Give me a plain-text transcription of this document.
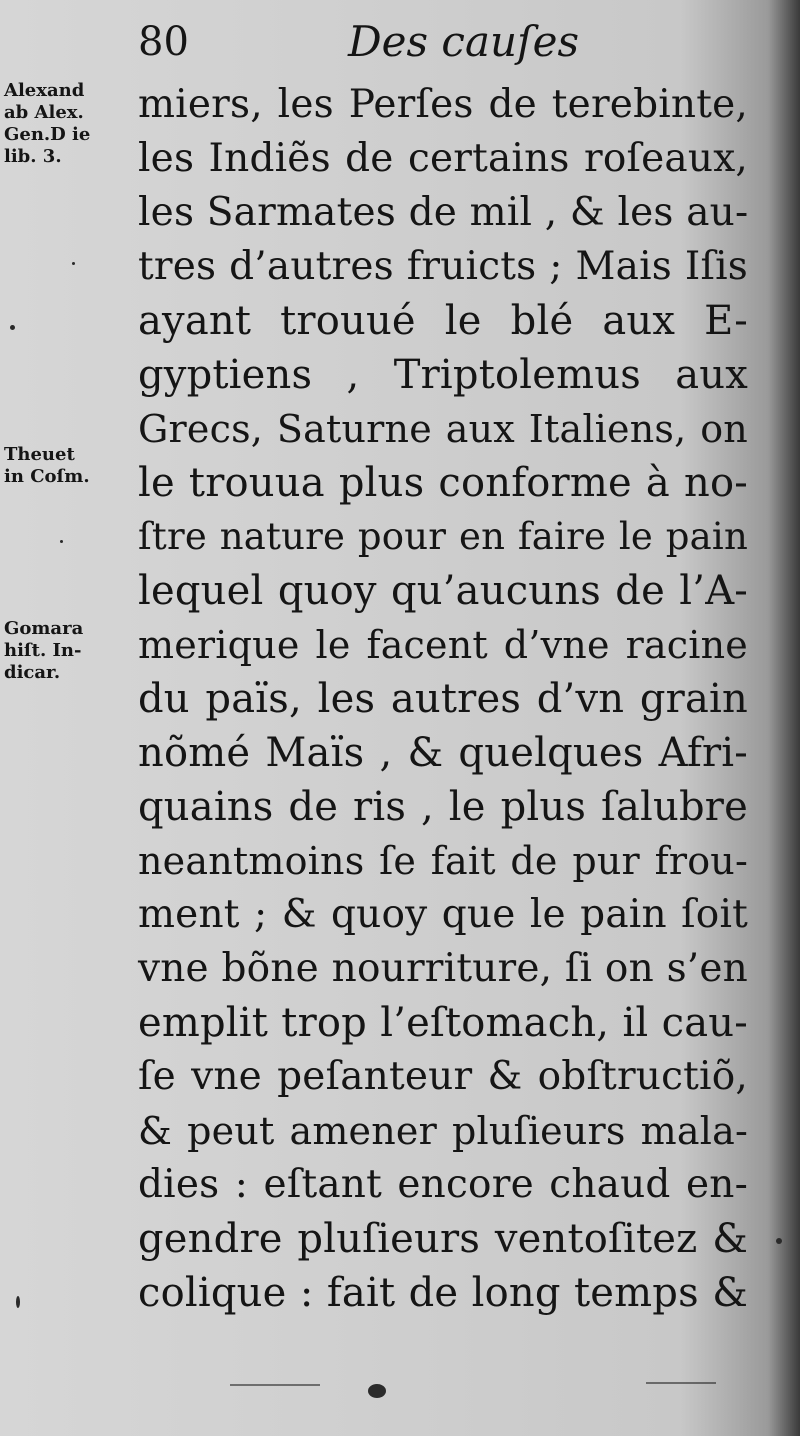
80	Des cauſes
Alexand
ab Alex.
Gen.D ie
lib. 3.
Theuet
in Coſm.
Gomara
hiſt. In-
dicar.
miers, les Perſes de terebinte,
les Indiẽs de certains roſeaux,
les Sarmates de mil , & les au-
tres d’autres fruicts ; Mais Iſis
ayant trouué le blé aux E-
gyptiens , Triptolemus aux
Grecs, Saturne aux Italiens, on
le trouua plus conforme à no-
ſtre nature pour en faire le pain
lequel quoy qu’aucuns de l’A-
merique le facent d’vne racine
du païs, les autres d’vn grain
nõmé Maïs , & quelques Afri-
quains de ris , le plus ſalubre
neantmoins ſe fait de pur frou-
ment ; & quoy que le pain ſoit
vne bõne nourriture, ſi on s’en
emplit trop l’eſtomach, il cau-
ſe vne peſanteur & obſtructiõ,
& peut amener pluſieurs mala-
dies : eſtant encore chaud en-
gendre pluſieurs ventoſitez &
colique : fait de long temps &
